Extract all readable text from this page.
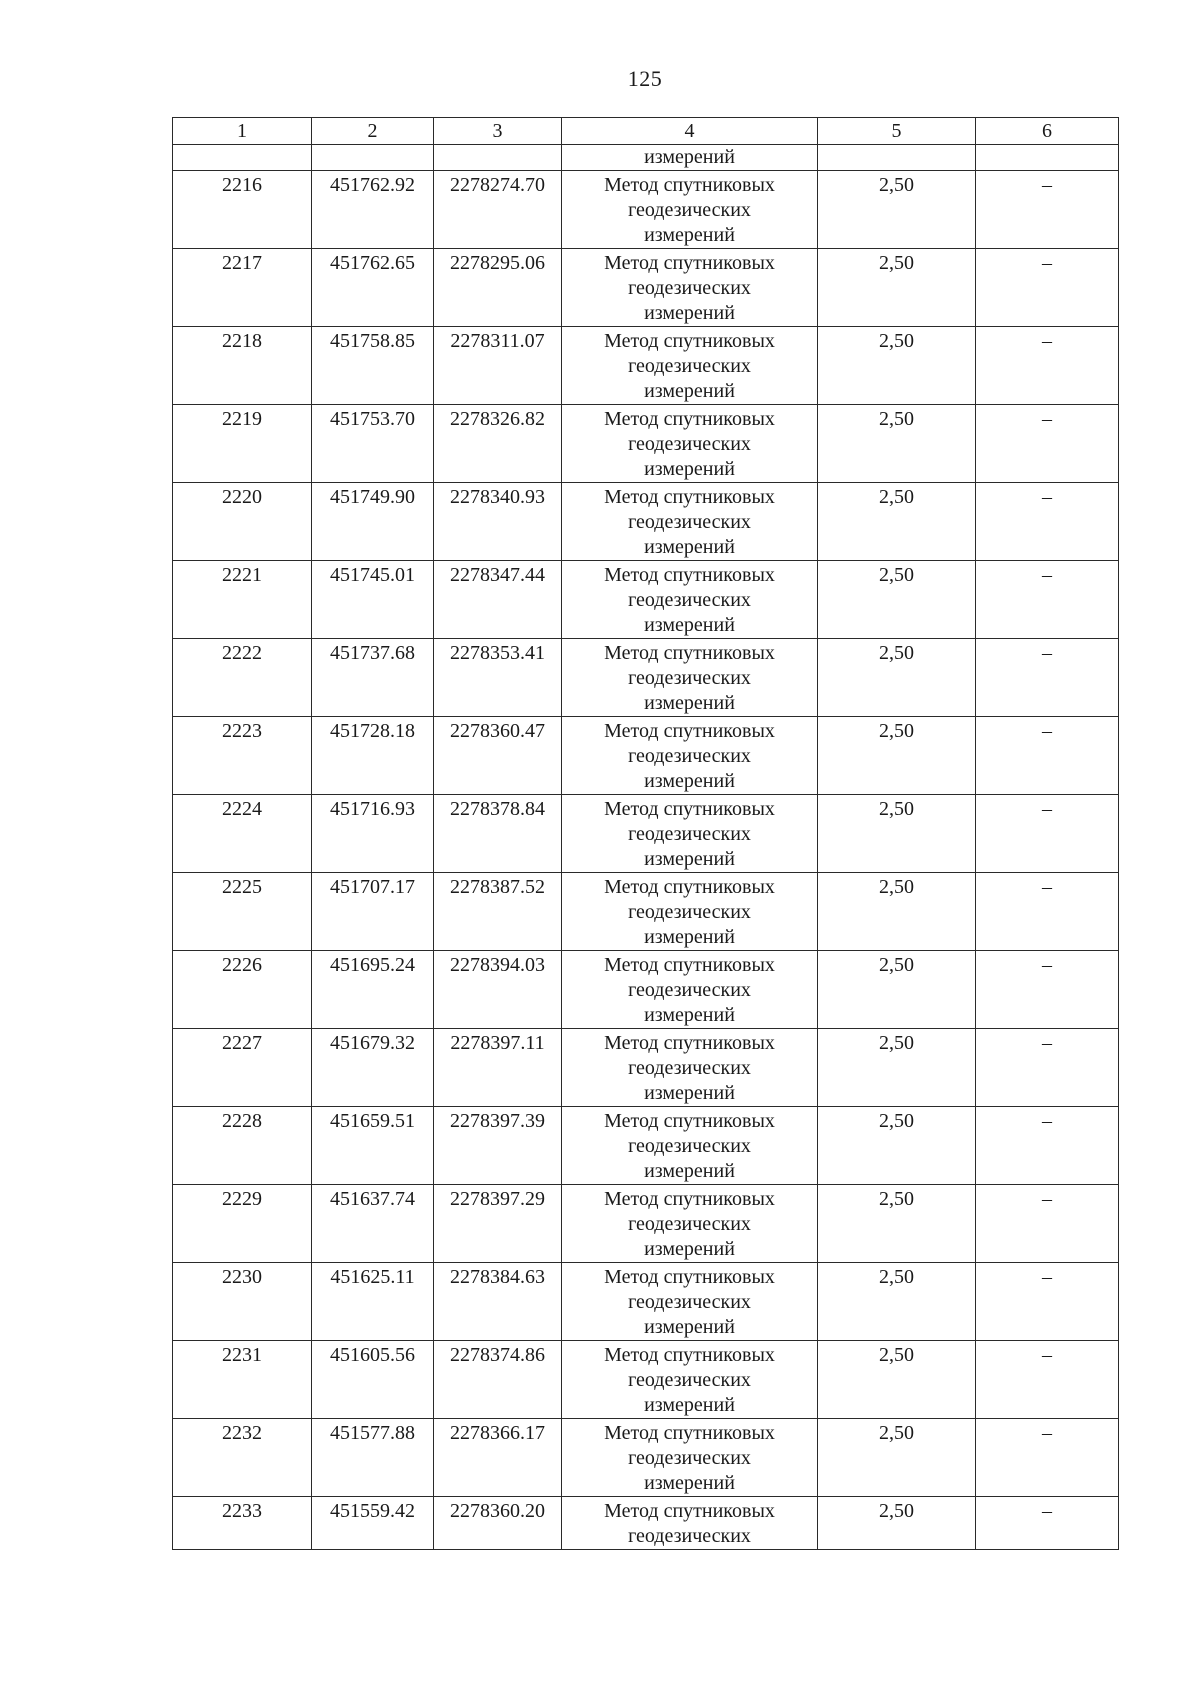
125
1	2	3	4	5	6
			измерений		
2216	451762.92	2278274.70	Метод спутниковых
геодезических
измерений	2,50	–
2217	451762.65	2278295.06	Метод спутниковых
геодезических
измерений	2,50	–
2218	451758.85	2278311.07	Метод спутниковых
геодезических
измерений	2,50	–
2219	451753.70	2278326.82	Метод спутниковых
геодезических
измерений	2,50	–
2220	451749.90	2278340.93	Метод спутниковых
геодезических
измерений	2,50	–
2221	451745.01	2278347.44	Метод спутниковых
геодезических
измерений	2,50	–
2222	451737.68	2278353.41	Метод спутниковых
геодезических
измерений	2,50	–
2223	451728.18	2278360.47	Метод спутниковых
геодезических
измерений	2,50	–
2224	451716.93	2278378.84	Метод спутниковых
геодезических
измерений	2,50	–
2225	451707.17	2278387.52	Метод спутниковых
геодезических
измерений	2,50	–
2226	451695.24	2278394.03	Метод спутниковых
геодезических
измерений	2,50	–
2227	451679.32	2278397.11	Метод спутниковых
геодезических
измерений	2,50	–
2228	451659.51	2278397.39	Метод спутниковых
геодезических
измерений	2,50	–
2229	451637.74	2278397.29	Метод спутниковых
геодезических
измерений	2,50	–
2230	451625.11	2278384.63	Метод спутниковых
геодезических
измерений	2,50	–
2231	451605.56	2278374.86	Метод спутниковых
геодезических
измерений	2,50	–
2232	451577.88	2278366.17	Метод спутниковых
геодезических
измерений	2,50	–
2233	451559.42	2278360.20	Метод спутниковых
геодезических	2,50	–
